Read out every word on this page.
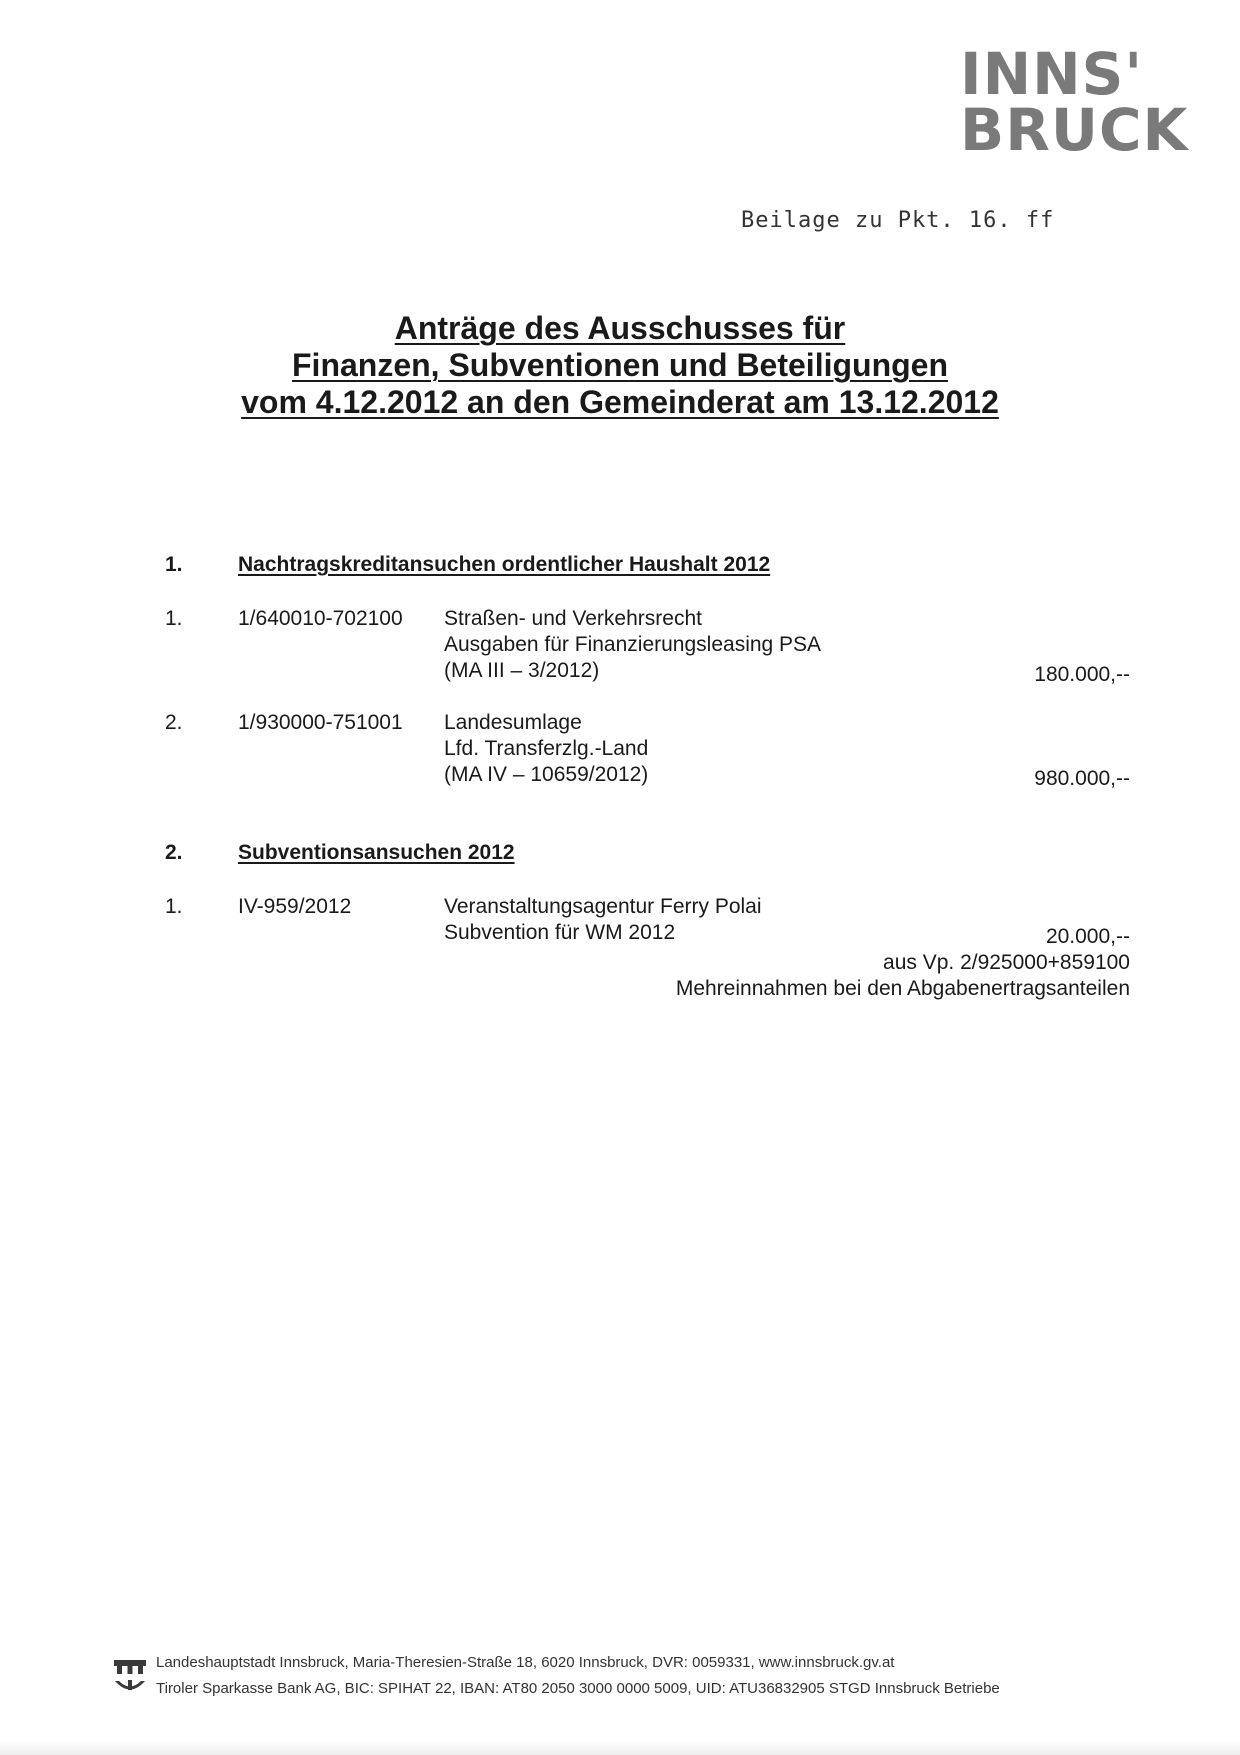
INNS'
BRUCK
Beilage zu Pkt. 16. ff
Anträge des Ausschusses für
Finanzen, Subventionen und Beteiligungen
vom 4.12.2012 an den Gemeinderat am 13.12.2012
1.	Nachtragskreditansuchen ordentlicher Haushalt 2012
1.	1/640010-702100 Straßen- und Verkehrsrecht
Ausgaben für Finanzierungsleasing PSA
(MA III – 3/2012)	180.000,--
2.	1/930000-751001 Landesumlage
Lfd. Transferzlg.-Land
(MA IV – 10659/2012)	980.000,--
2.	Subventionsansuchen 2012
1.	IV-959/2012	Veranstaltungsagentur Ferry Polai
Subvention für WM 2012	20.000,--
aus Vp. 2/925000+859100
Mehreinnahmen bei den Abgabenertragsanteilen
Landeshauptstadt Innsbruck, Maria-Theresien-Straße 18, 6020 Innsbruck, DVR: 0059331, www.innsbruck.gv.at
Tiroler Sparkasse Bank AG, BIC: SPIHAT 22, IBAN: AT80 2050 3000 0000 5009, UID: ATU36832905 STGD Innsbruck Betriebe
